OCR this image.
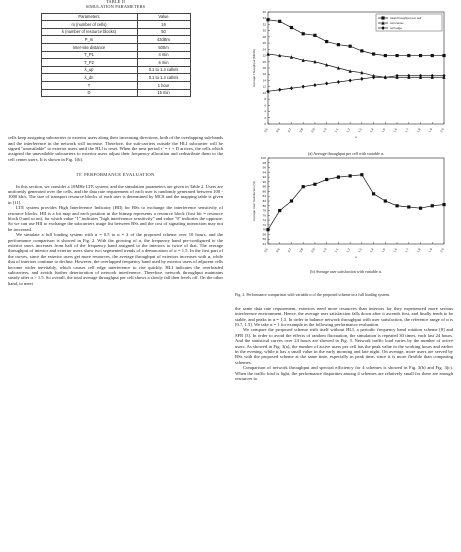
TABLE II
SIMULATION PARAMETERS
Parameters	Value
m (number of cells)	19
k (number of resource blocks)	50
P_m	43dBm
Inter-site distance	500m
T_P1	4 min
T_P2	6 min
λ_up	0.1 to 1.4 calls/s
λ_dn	0.1 to 1.4 calls/s
T	1 hour
D	15 min

cells keep assigning subcarriers to exterior users along their increasing directions, both of the overlapping sub-bands and the interference in the network will increase. Therefore, the sub-carriers outside the HLI subcarrier will be signed "unavailable" to exterior users until the HLI is reset. When the next period τ' = τ + D arrives, the cells which assigned the unavailable subcarriers to exterior users adjust their frequency allocation and redistribute them to the cell center users. It is shown in Fig. 1(b).

IV. PERFORMANCE EVALUATION

In this section, we consider a 10MHz LTE system, and the simulation parameters are given in Table 2. Users are uniformly generated over the cells, and the data rate requirement of each user is randomly generated between 100 - 1000 kb/s. The size of transport resource blocks of each user is determined by MCS and the mapping table is given in [11].

LTE system provides High Interference Indicator (HII) for BSs to exchange the interference sensitivity of resource blocks. HII is a bit map and each position in the bitmap represents a resource block (first bit = resource block 0 and so on), for which value "1" indicates "high interference sensitivity" and value "0" indicates the opposite. So we can use HII to exchange the subcarriers usage list between BSs and the cost of signaling interaction may not be increased.

We simulate a full loading system with α = 0.5 to α = 2 of the proposed scheme over 10 hours, and the performance comparison is showed in Fig. 2. With the growing of α, the frequency band pre-configured to the exterior users increases from half of the frequency band assigned to the interiors to twice of that. The average throughput of interior and exterior users show two segmented trends of a demarcation of α = 1.5. In the first part of the curves, since the exterior users get more resources, the average throughput of exteriors increases with α, while that of interiors continue to decline. However, the overlapped frequency band used by exterior users of adjacent cells become wider inevitably, which causes cell edge interference to rise quickly. HLI indicates the overloaded subcarriers, and avoids further deterioration of network interference. Therefore, network throughput maintains steady after α > 1.5. So overall, the total average throughput per cell shows a slowly fall then levels off. On the other hand, to meet

0
2
4
6
8
10
12
14
16
18
20
22
24
26
28
30
32
34
36
0.5 0.6 0.7 0.8 0.9 1.0 1.1 1.2 1.3 1.4 1.5 1.6 1.7 1.8 1.9 2.0
α
Average Throughput (Mbit/s)
total throughput per cell
cell center
cell edge
(a) Average throughput per cell with variable α.
64
66
68
70
72
74
76
78
80
82
84
86
88
90
92
94
96
98
100
0.5 0.6 0.7 0.8 0.9 1.0 1.1 1.2 1.3 1.4 1.5 1.6 1.7 1.8 1.9 2.0
α
Average User Satisfaction (%)
(b) Average user satisfaction with variable α.

Fig. 2. Performance comparison with variable α of the proposed scheme in a full loading system.

the same data rate requirement, exteriors need more resources than interiors for they experienced more serious interference environment. Hence, the average user satisfaction falls down after it ascends first, and finally tends to be stable, and peaks in α = 1.3. In order to balance network throughput with user satisfaction, the reference range of α is [0.7, 1.5]. We take α = 1 for example in the following performance evaluation.

We compare the proposed scheme with itself without HLI, a periodic frequency band rotation scheme [8] and SFR [3]. In order to avoid the effects of random fluctuation, the simulation is repeated 30 times, each last 24 hours. And the statistical curves over 24 hours are showed in Fig. 3. Network traffic load varies by the number of active users. As showed in Fig. 3(a), the number of active users per cell has the peak value in the working hours and earlier in the evening, while it has a small value in the early morning and late night. On average, more users are served by BSs with the proposed scheme at the same time, especially in peak time, since it is more flexible than comparing schemes.

Comparison of network throughput and spectral efficiency for 4 schemes is showed in Fig. 3(b) and Fig. 3(c). When the traffic load is light, the performance disparities among 4 schemes are relatively small for there are enough resources to
